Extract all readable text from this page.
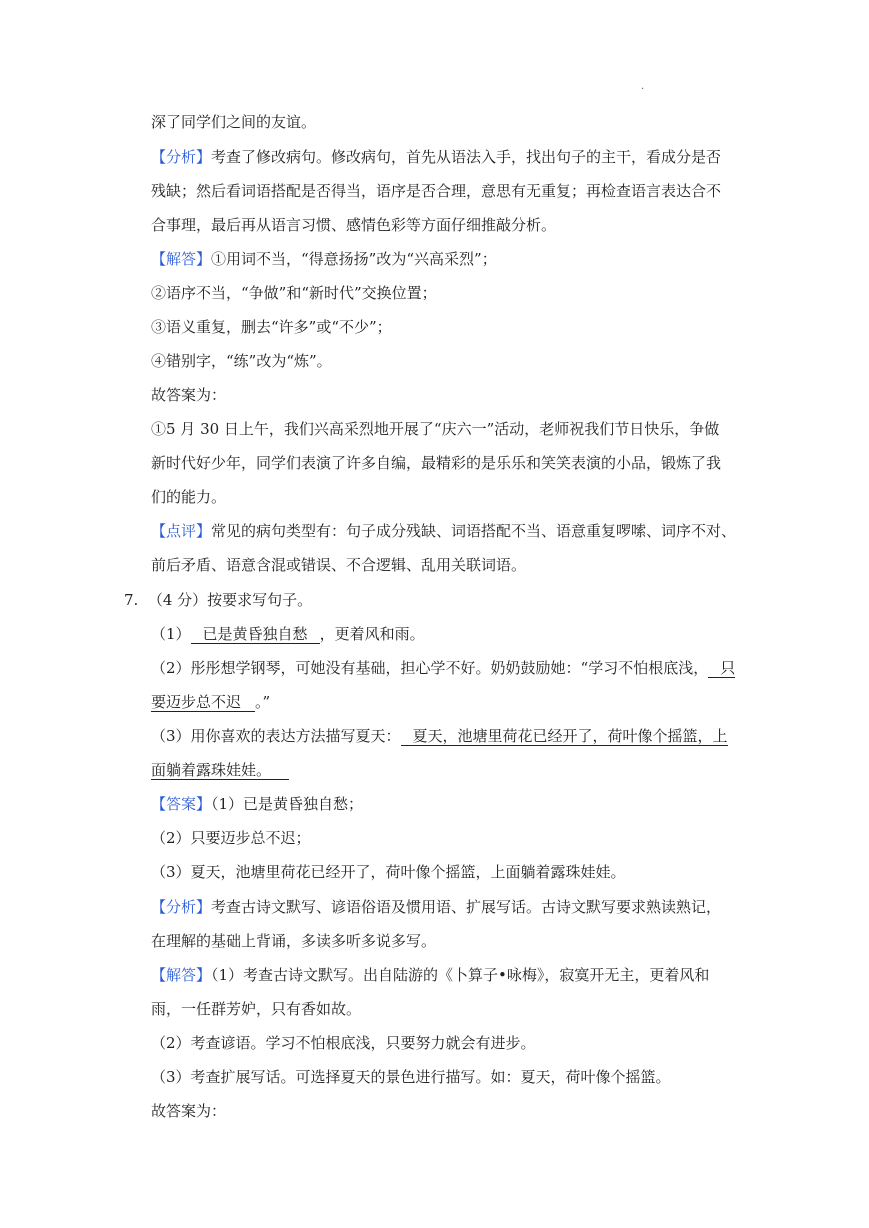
·
深了同学们之间的友谊。
【分析】考查了修改病句。修改病句，首先从语法入手，找出句子的主干，看成分是否
残缺；然后看词语搭配是否得当，语序是否合理，意思有无重复；再检查语言表达合不
合事理，最后再从语言习惯、感情色彩等方面仔细推敲分析。
【解答】①用词不当，“得意扬扬”改为“兴高采烈”；
②语序不当，“争做”和“新时代”交换位置；
③语义重复，删去“许多”或“不少”；
④错别字，“练”改为“炼”。
故答案为：
①5 月 30 日上午，我们兴高采烈地开展了“庆六一”活动，老师祝我们节日快乐，争做
新时代好少年，同学们表演了许多自编，最精彩的是乐乐和笑笑表演的小品，锻炼了我
们的能力。
【点评】常见的病句类型有：句子成分残缺、词语搭配不当、语意重复啰嗦、词序不对、
前后矛盾、语意含混或错误、不合逻辑、乱用关联词语。
7. （4 分）按要求写句子。
（1） 已是黄昏独自愁 ，更着风和雨。
（2）彤彤想学钢琴，可她没有基础，担心学不好。奶奶鼓励她：“学习不怕根底浅， 只
要迈步总不迟 。”
（3）用你喜欢的表达方法描写夏天： 夏天，池塘里荷花已经开了，荷叶像个摇篮，上
面躺着露珠娃娃。
【答案】（1）已是黄昏独自愁；
（2）只要迈步总不迟；
（3）夏天，池塘里荷花已经开了，荷叶像个摇篮，上面躺着露珠娃娃。
【分析】考查古诗文默写、谚语俗语及惯用语、扩展写话。古诗文默写要求熟读熟记，
在理解的基础上背诵，多读多听多说多写。
【解答】（1）考查古诗文默写。出自陆游的《卜算子•咏梅》，寂寞开无主，更着风和
雨，一任群芳妒，只有香如故。
（2）考查谚语。学习不怕根底浅，只要努力就会有进步。
（3）考查扩展写话。可选择夏天的景色进行描写。如：夏天，荷叶像个摇篮。
故答案为：
